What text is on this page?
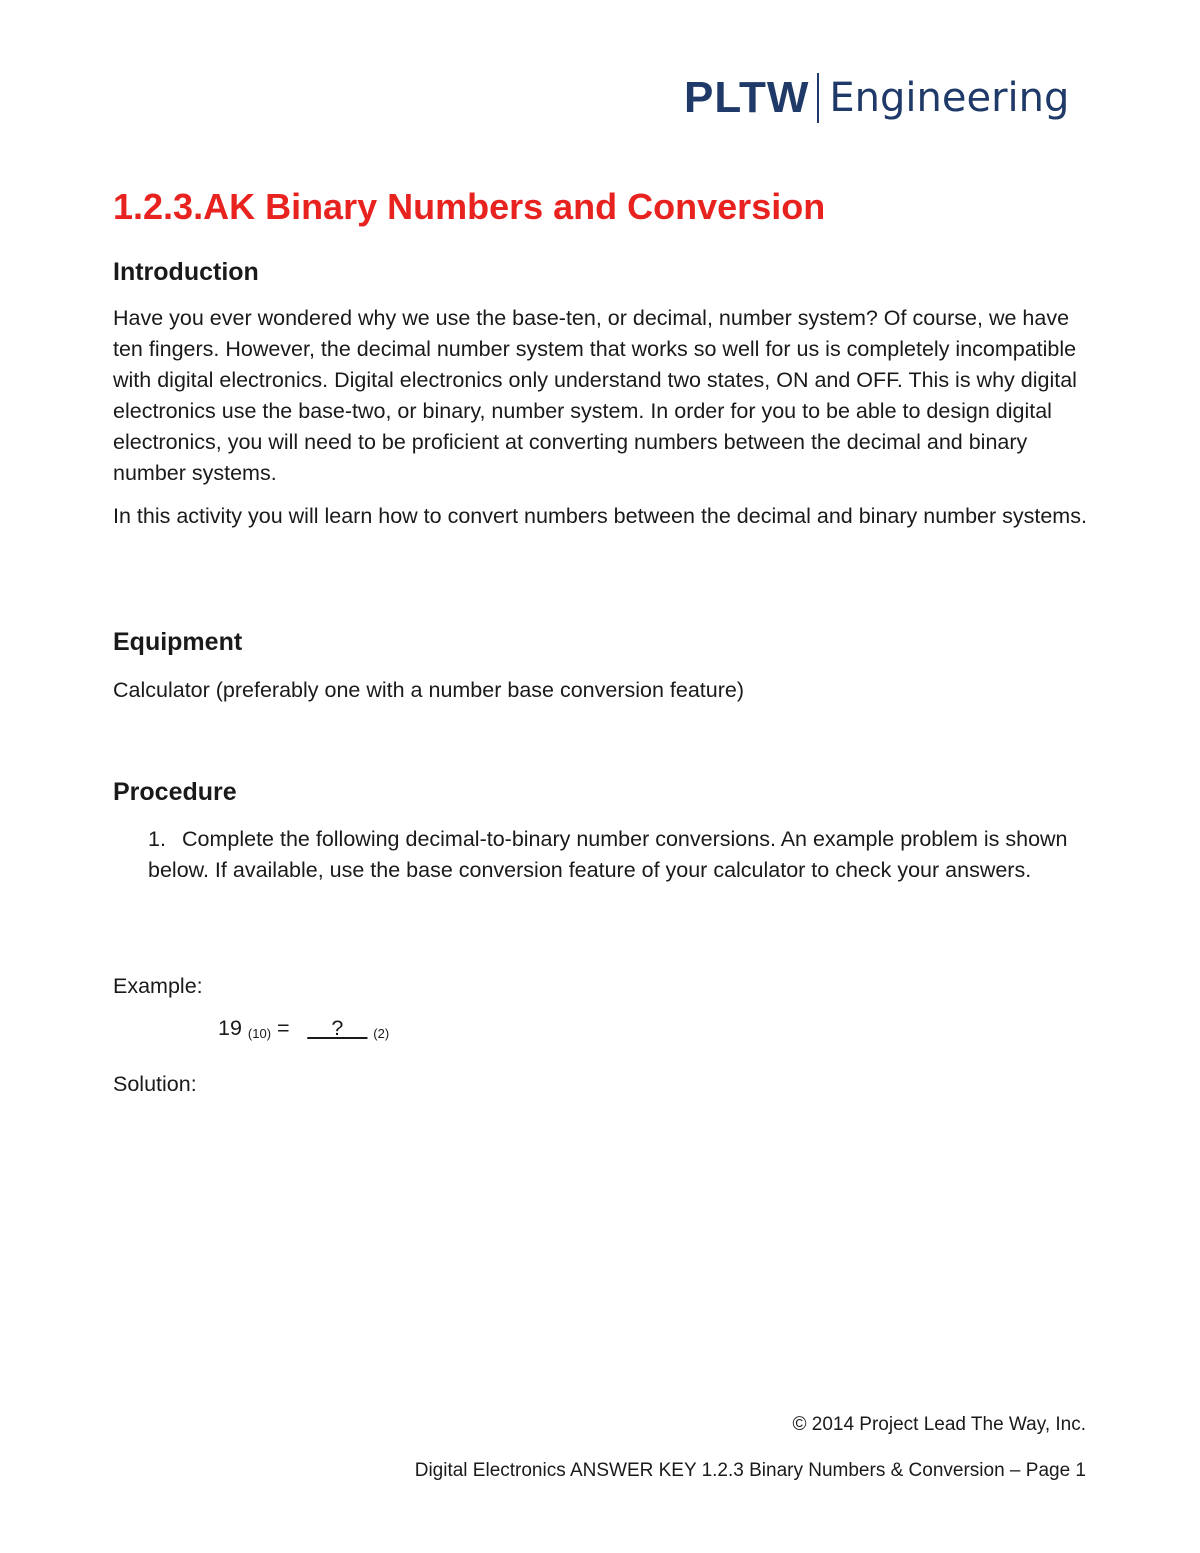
PLTW Engineering
1.2.3.AK Binary Numbers and Conversion
Introduction

Have you ever wondered why we use the base-ten, or decimal, number system? Of course, we have ten fingers. However, the decimal number system that works so well for us is completely incompatible with digital electronics. Digital electronics only understand two states, ON and OFF. This is why digital electronics use the base-two, or binary, number system. In order for you to be able to design digital electronics, you will need to be proficient at converting numbers between the decimal and binary number systems.

In this activity you will learn how to convert numbers between the decimal and binary number systems.

Equipment

Calculator (preferably one with a number base conversion feature)

Procedure
1. Complete the following decimal-to-binary number conversions. An example problem is shown below. If available, use the base conversion feature of your calculator to check your answers.

Example:

19 $_{(10)}$ = __?__ $_{(2)}$

Solution:

© 2014 Project Lead The Way, Inc.
Digital Electronics ANSWER KEY 1.2.3 Binary Numbers & Conversion – Page 1
